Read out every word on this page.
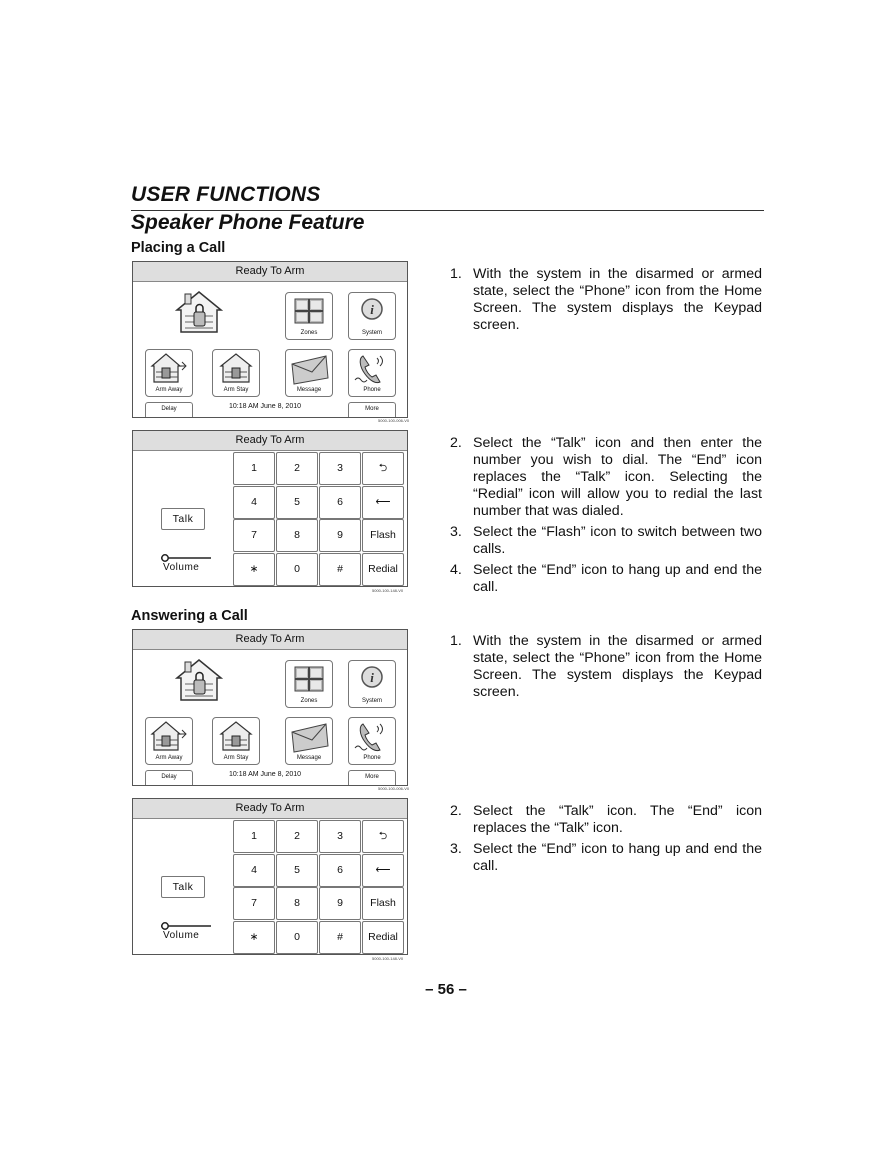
USER FUNCTIONS
Speaker Phone Feature
Placing a Call
Answering a Call
Ready To Arm
Zones
i
System
Arm Away	Arm Stay	Message	Phone
Delay	10:18 AM June 8, 2010	More
5000-100-006-V0
Ready To Arm
Talk
Volume
1	2	3	⮌
4	5	6	⟵
7	8	9	Flash
∗	0	#	Redial
5000-100-148-V0
Ready To Arm
Zones
i
System
Arm Away	Arm Stay	Message	Phone
Delay	10:18 AM June 8, 2010	More
5000-100-006-V0
Ready To Arm
Talk
Volume
1	2	3	⮌
4	5	6	⟵
7	8	9	Flash
∗	0	#	Redial
5000-100-148-V0
1. With the system in the disarmed or armed state, select the “Phone” icon from the Home Screen. The system displays the Keypad screen.
2. Select the “Talk” icon and then enter the number you wish to dial. The “End” icon replaces the “Talk” icon. Selecting the “Redial” icon will allow you to redial the last number that was dialed.
3. Select the “Flash” icon to switch between two calls.
4. Select the “End” icon to hang up and end the call.
1. With the system in the disarmed or armed state, select the “Phone” icon from the Home Screen. The system displays the Keypad screen.
2. Select the “Talk” icon. The “End” icon replaces the “Talk” icon.
3. Select the “End” icon to hang up and end the call.
– 56 –
